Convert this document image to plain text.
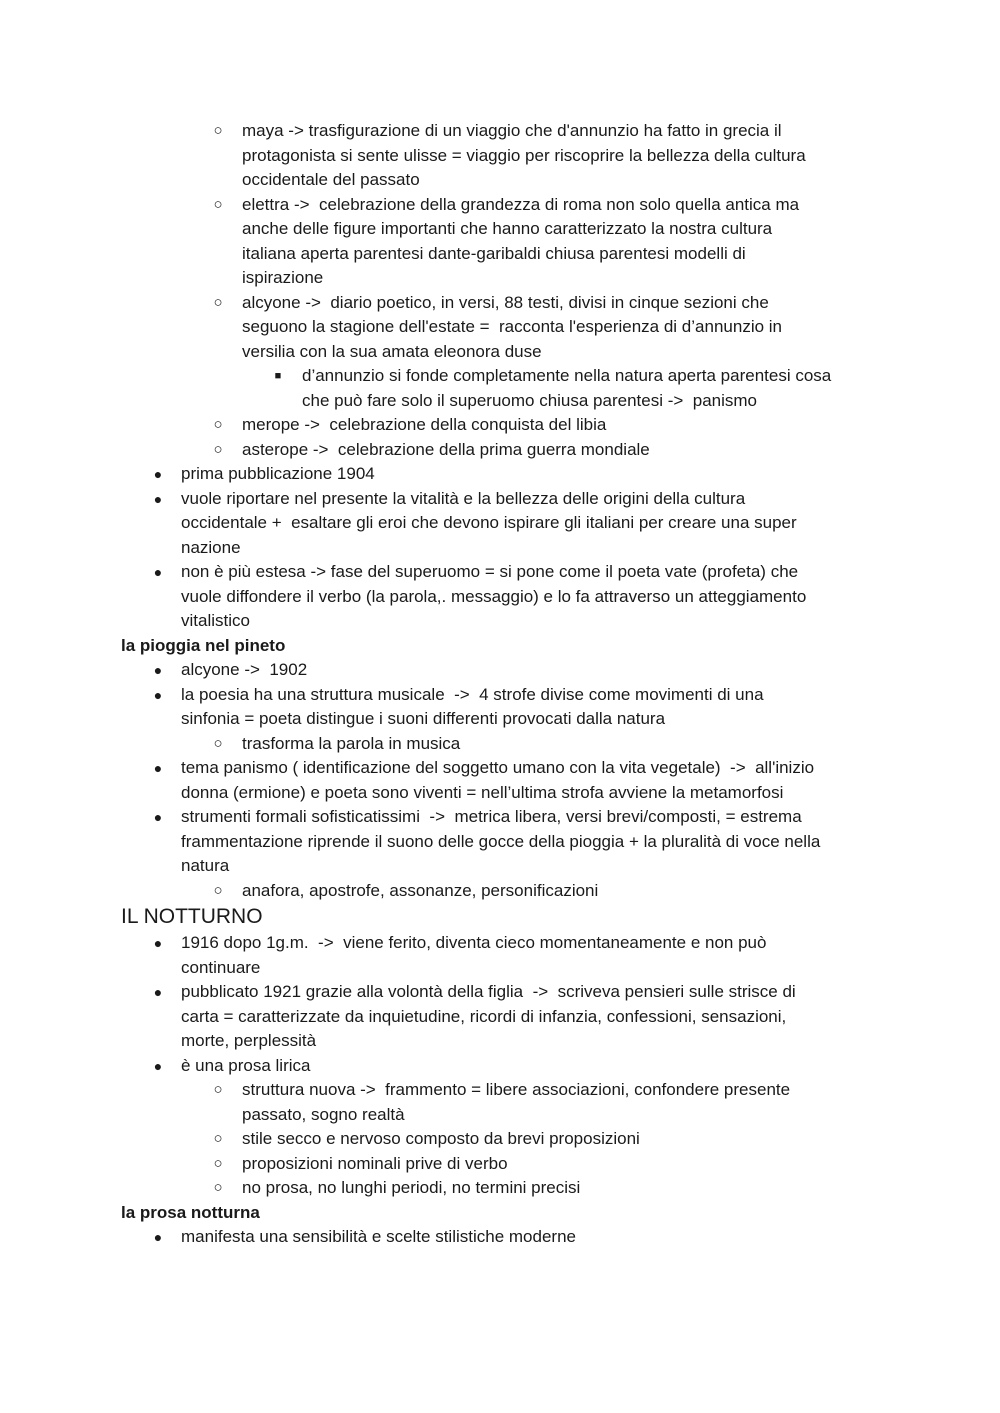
○	maya -> trasfigurazione di un viaggio che d'annunzio ha fatto in grecia il
protagonista si sente ulisse = viaggio per riscoprire la bellezza della cultura
occidentale del passato
○	elettra ->  celebrazione della grandezza di roma non solo quella antica ma
anche delle figure importanti che hanno caratterizzato la nostra cultura
italiana aperta parentesi dante-garibaldi chiusa parentesi modelli di
ispirazione
○	alcyone ->  diario poetico, in versi, 88 testi, divisi in cinque sezioni che
seguono la stagione dell'estate =  racconta l'esperienza di d’annunzio in
versilia con la sua amata eleonora duse
■	d’annunzio si fonde completamente nella natura aperta parentesi cosa
che può fare solo il superuomo chiusa parentesi ->  panismo
○	merope ->  celebrazione della conquista del libia
○	asterope ->  celebrazione della prima guerra mondiale
●	prima pubblicazione 1904
●	vuole riportare nel presente la vitalità e la bellezza delle origini della cultura
occidentale +  esaltare gli eroi che devono ispirare gli italiani per creare una super
nazione
●	non è più estesa -> fase del superuomo = si pone come il poeta vate (profeta) che
vuole diffondere il verbo (la parola,. messaggio) e lo fa attraverso un atteggiamento
vitalistico
la pioggia nel pineto
●	alcyone ->  1902
●	la poesia ha una struttura musicale  ->  4 strofe divise come movimenti di una
sinfonia = poeta distingue i suoni differenti provocati dalla natura
○	trasforma la parola in musica
●	tema panismo ( identificazione del soggetto umano con la vita vegetale)  ->  all'inizio
donna (ermione) e poeta sono viventi = nell’ultima strofa avviene la metamorfosi
●	strumenti formali sofisticatissimi  ->  metrica libera, versi brevi/composti, = estrema
frammentazione riprende il suono delle gocce della pioggia + la pluralità di voce nella
natura
○	anafora, apostrofe, assonanze, personificazioni
IL NOTTURNO
●	1916 dopo 1g.m.  ->  viene ferito, diventa cieco momentaneamente e non può
continuare
●	pubblicato 1921 grazie alla volontà della figlia  ->  scriveva pensieri sulle strisce di
carta = caratterizzate da inquietudine, ricordi di infanzia, confessioni, sensazioni,
morte, perplessità
●	è una prosa lirica
○	struttura nuova ->  frammento = libere associazioni, confondere presente
passato, sogno realtà
○	stile secco e nervoso composto da brevi proposizioni
○	proposizioni nominali prive di verbo
○	no prosa, no lunghi periodi, no termini precisi
la prosa notturna
●	manifesta una sensibilità e scelte stilistiche moderne
